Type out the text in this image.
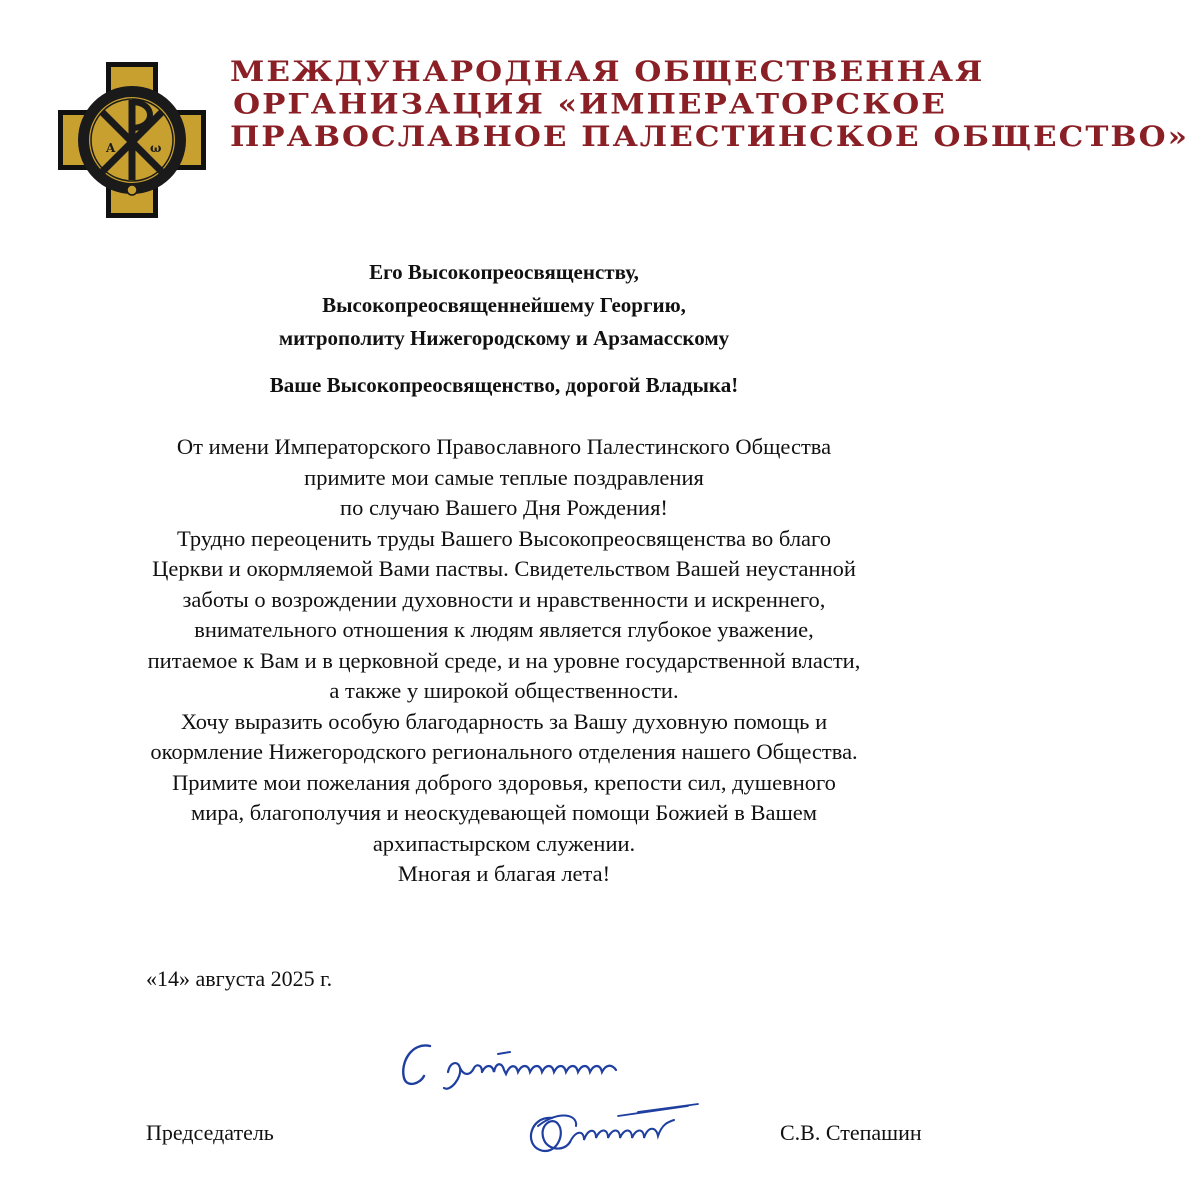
A	ω
МЕЖДУНАРОДНАЯ ОБЩЕСТВЕННАЯ
ОРГАНИЗАЦИЯ «ИМПЕРАТОРСКОЕ
ПРАВОСЛАВНОЕ ПАЛЕСТИНСКОЕ ОБЩЕСТВО»
Его Высокопреосвященству,
Высокопреосвященнейшему Георгию,
митрополиту Нижегородскому и Арзамасскому
Ваше Высокопреосвященство, дорогой Владыка!
От имени Императорского Православного Палестинского Общества
примите мои самые теплые поздравления
по случаю Вашего Дня Рождения!
Трудно переоценить труды Вашего Высокопреосвященства во благо
Церкви и окормляемой Вами паствы. Свидетельством Вашей неустанной
заботы о возрождении духовности и нравственности и искреннего,
внимательного отношения к людям является глубокое уважение,
питаемое к Вам и в церковной среде, и на уровне государственной власти,
а также у широкой общественности.
Хочу выразить особую благодарность за Вашу духовную помощь и
окормление Нижегородского регионального отделения нашего Общества.
Примите мои пожелания доброго здоровья, крепости сил, душевного
мира, благополучия и неоскудевающей помощи Божией в Вашем
архипастырском служении.
Многая и благая лета!
«14» августа 2025 г.
Председатель	С.В. Степашин
